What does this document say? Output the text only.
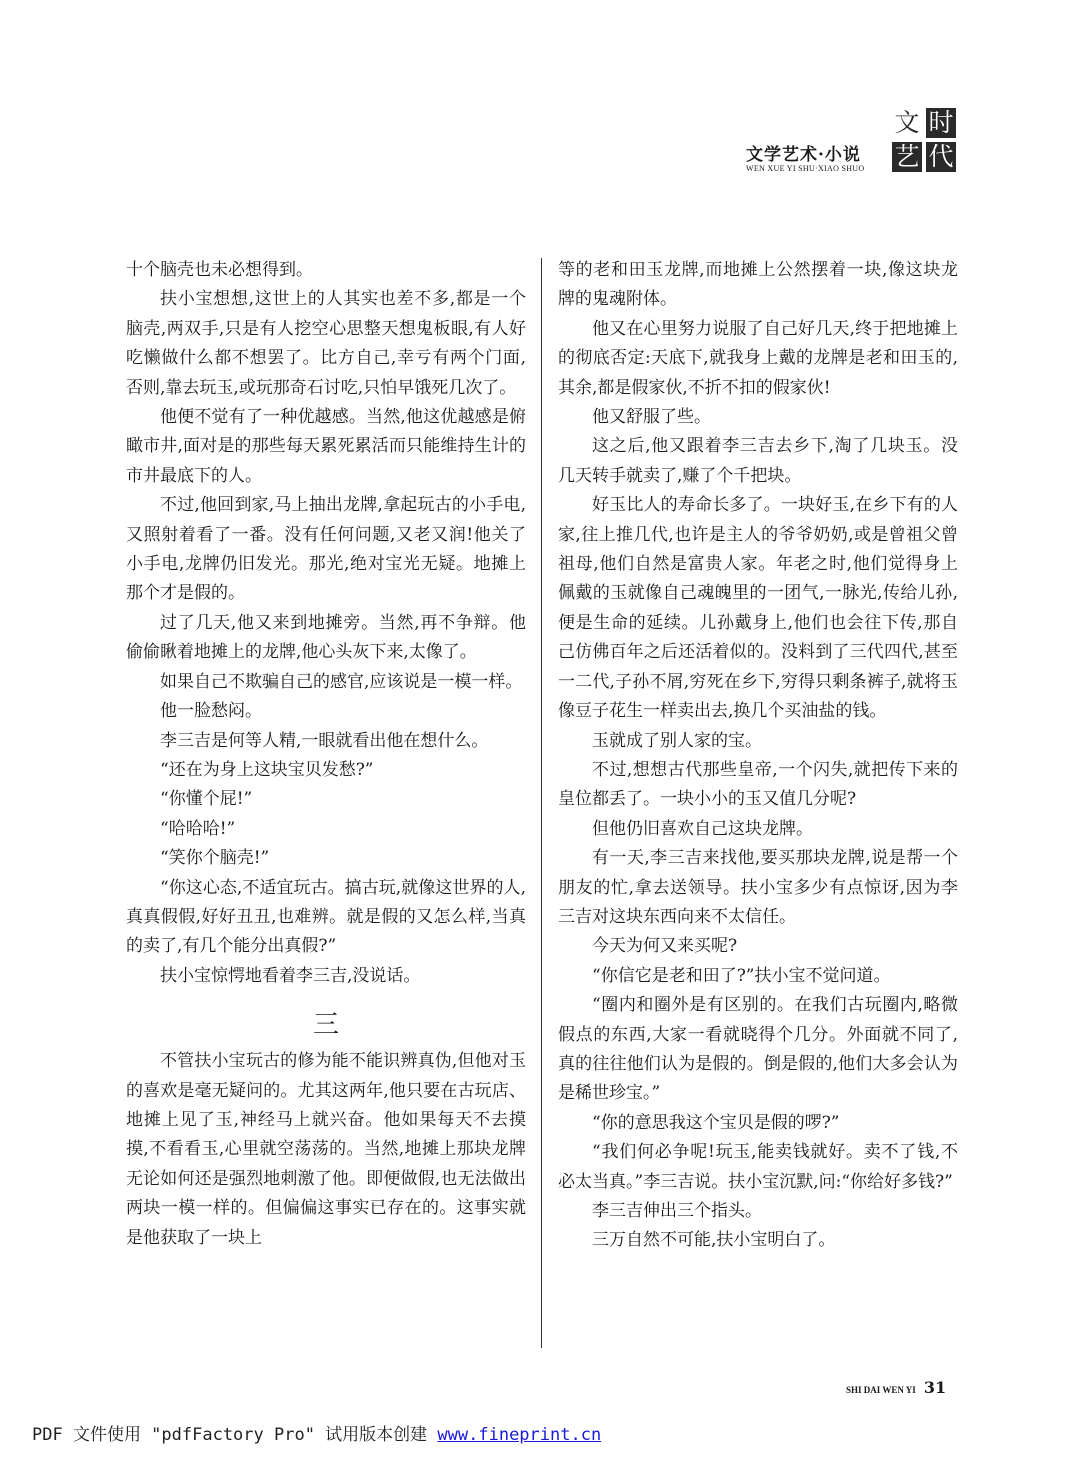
文学艺术·小说
WEN XUE YI SHU·XIAO SHUO
文 时
艺 代

十个脑壳也未必想得到。

扶小宝想想,这世上的人其实也差不多,都是一个脑壳,两双手,只是有人挖空心思整天想鬼板眼,有人好吃懒做什么都不想罢了。比方自己,幸亏有两个门面,否则,靠去玩玉,或玩那奇石讨吃,只怕早饿死几次了。

他便不觉有了一种优越感。当然,他这优越感是俯瞰市井,面对是的那些每天累死累活而只能维持生计的市井最底下的人。

不过,他回到家,马上抽出龙牌,拿起玩古的小手电,又照射着看了一番。没有任何问题,又老又润!他关了小手电,龙牌仍旧发光。那光,绝对宝光无疑。地摊上那个才是假的。

过了几天,他又来到地摊旁。当然,再不争辩。他偷偷瞅着地摊上的龙牌,他心头灰下来,太像了。

如果自己不欺骗自己的感官,应该说是一模一样。

他一脸愁闷。

李三吉是何等人精,一眼就看出他在想什么。

“还在为身上这块宝贝发愁?”

“你懂个屁!”

“哈哈哈!”

“笑你个脑壳!”

“你这心态,不适宜玩古。搞古玩,就像这世界的人,真真假假,好好丑丑,也难辨。就是假的又怎么样,当真的卖了,有几个能分出真假?”

扶小宝惊愕地看着李三吉,没说话。

三

不管扶小宝玩古的修为能不能识辨真伪,但他对玉的喜欢是毫无疑问的。尤其这两年,他只要在古玩店、地摊上见了玉,神经马上就兴奋。他如果每天不去摸摸,不看看玉,心里就空荡荡的。当然,地摊上那块龙牌无论如何还是强烈地刺激了他。即便做假,也无法做出两块一模一样的。但偏偏这事实已存在的。这事实就是他获取了一块上

等的老和田玉龙牌,而地摊上公然摆着一块,像这块龙牌的鬼魂附体。

他又在心里努力说服了自己好几天,终于把地摊上的彻底否定:天底下,就我身上戴的龙牌是老和田玉的,其余,都是假家伙,不折不扣的假家伙!

他又舒服了些。

这之后,他又跟着李三吉去乡下,淘了几块玉。没几天转手就卖了,赚了个千把块。

好玉比人的寿命长多了。一块好玉,在乡下有的人家,往上推几代,也许是主人的爷爷奶奶,或是曾祖父曾祖母,他们自然是富贵人家。年老之时,他们觉得身上佩戴的玉就像自己魂魄里的一团气,一脉光,传给儿孙,便是生命的延续。儿孙戴身上,他们也会往下传,那自己仿佛百年之后还活着似的。没料到了三代四代,甚至一二代,子孙不屑,穷死在乡下,穷得只剩条裤子,就将玉像豆子花生一样卖出去,换几个买油盐的钱。

玉就成了别人家的宝。

不过,想想古代那些皇帝,一个闪失,就把传下来的皇位都丢了。一块小小的玉又值几分呢?

但他仍旧喜欢自己这块龙牌。

有一天,李三吉来找他,要买那块龙牌,说是帮一个朋友的忙,拿去送领导。扶小宝多少有点惊讶,因为李三吉对这块东西向来不太信任。

今天为何又来买呢?

“你信它是老和田了?”扶小宝不觉问道。

“圈内和圈外是有区别的。在我们古玩圈内,略微假点的东西,大家一看就晓得个几分。外面就不同了,真的往往他们认为是假的。倒是假的,他们大多会认为是稀世珍宝。”

“你的意思我这个宝贝是假的啰?”

“我们何必争呢!玩玉,能卖钱就好。卖不了钱,不必太当真。”李三吉说。扶小宝沉默,问:“你给好多钱?”

李三吉伸出三个指头。

三万自然不可能,扶小宝明白了。

SHI DAI WEN YI 31
PDF 文件使用 "pdfFactory Pro" 试用版本创建 www.fineprint.cn
